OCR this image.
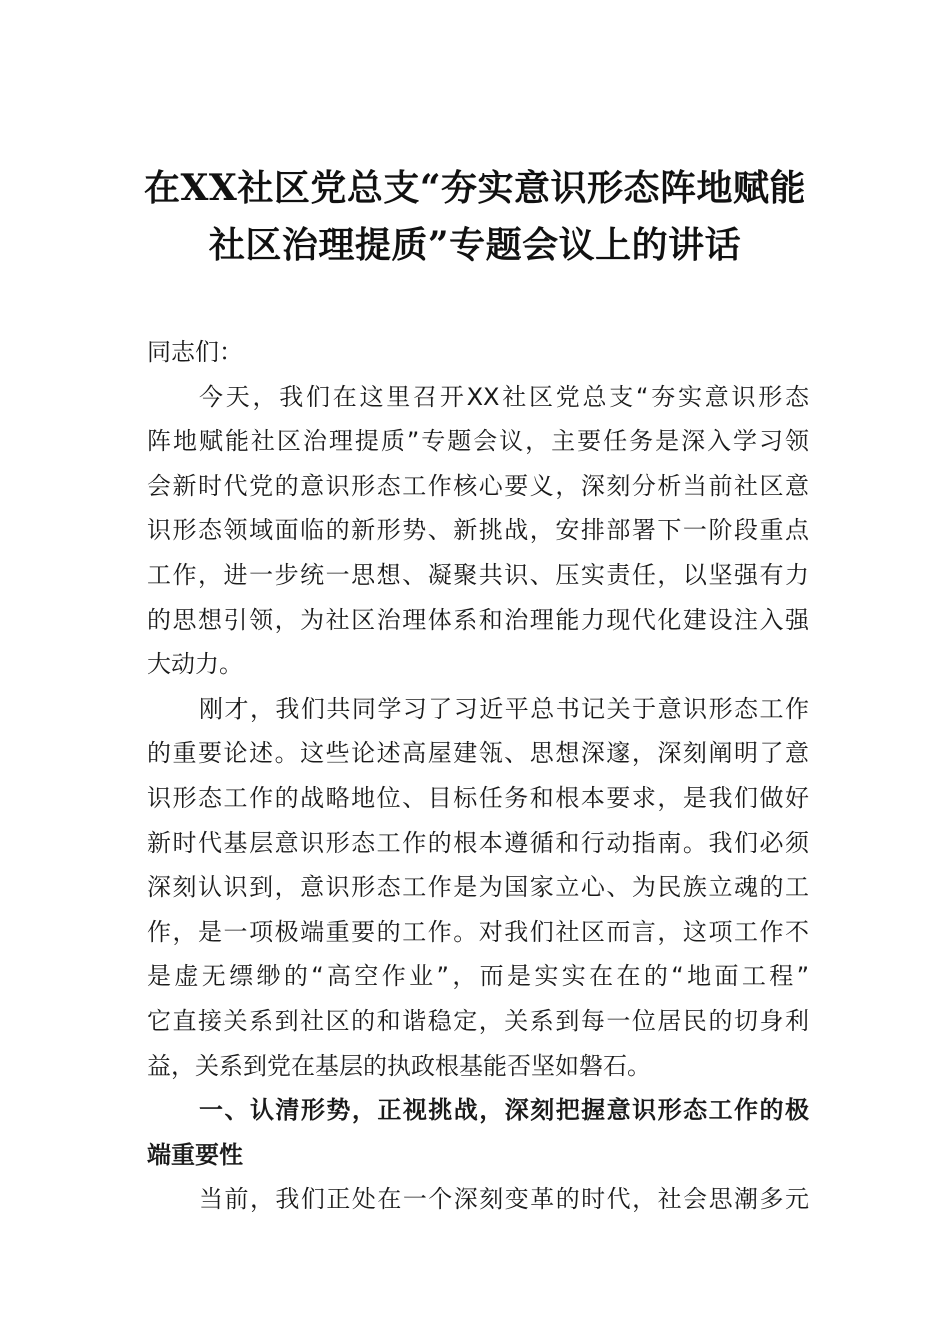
在XX社区党总支“夯实意识形态阵地赋能
社区治理提质”专题会议上的讲话
同志们：
今天，我们在这里召开XX社区党总支“夯实意识形态
阵地赋能社区治理提质”专题会议，主要任务是深入学习领
会新时代党的意识形态工作核心要义，深刻分析当前社区意
识形态领域面临的新形势、新挑战，安排部署下一阶段重点
工作，进一步统一思想、凝聚共识、压实责任，以坚强有力
的思想引领，为社区治理体系和治理能力现代化建设注入强
大动力。
刚才，我们共同学习了习近平总书记关于意识形态工作
的重要论述。这些论述高屋建瓴、思想深邃，深刻阐明了意
识形态工作的战略地位、目标任务和根本要求，是我们做好
新时代基层意识形态工作的根本遵循和行动指南。我们必须
深刻认识到，意识形态工作是为国家立心、为民族立魂的工
作，是一项极端重要的工作。对我们社区而言，这项工作不
是虚无缥缈的“高空作业”，而是实实在在的“地面工程”
它直接关系到社区的和谐稳定，关系到每一位居民的切身利
益，关系到党在基层的执政根基能否坚如磐石。
一、认清形势，正视挑战，深刻把握意识形态工作的极
端重要性
当前，我们正处在一个深刻变革的时代，社会思潮多元
